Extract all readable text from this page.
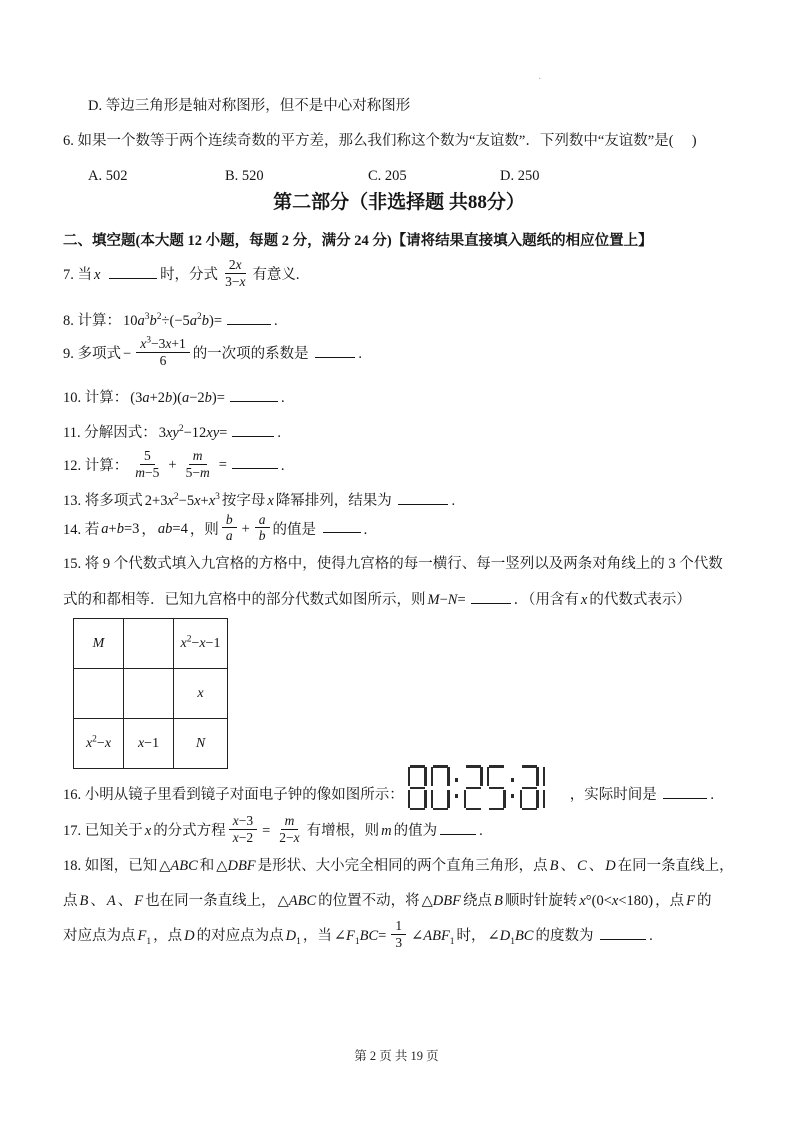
·
D. 等边三角形是轴对称图形，但不是中心对称图形
6. 如果一个数等于两个连续奇数的平方差，那么我们称这个数为“友谊数”．下列数中“友谊数”是(　 )
A. 502	B. 520	C. 205	D. 250
第二部分（非选择题 共88分）
二、填空题(本大题 12 小题，每题 2 分，满分 24 分)【请将结果直接填入题纸的相应位置上】
7. 当 x	时，分式 $\frac{2x}{3-x}$ 有意义.
8. 计算： $10a^3b^2\div(-5a^2b)=$	.
9. 多项式 − $\frac{x^3-3x+1}{6}$ 的一次项的系数是	.
10. 计算： (3a+2b)(a−2b)=	.
11. 分解因式： $3xy^2-12xy=$	.
12. 计算： $\frac{5}{m-5} + \frac{m}{5-m}$ =	.
13. 将多项式 $2+3x^2-5x+x^3$ 按字母 x 降幂排列，结果为	.
14. 若 a+b=3 ， ab=4 ，则 $\frac{b}{a} + \frac{a}{b}$ 的值是	.
15. 将 9 个代数式填入九宫格的方格中，使得九宫格的每一横行、每一竖列以及两条对角线上的 3 个代数
式的和都相等．已知九宫格中的部分代数式如图所示，则 M−N=	．（用含有 x 的代数式表示）
M		$x^2-x-1$
		x
$x^2-x$	x−1	N
16. 小明从镜子里看到镜子对面电子钟的像如图所示：	，实际时间是	.
17. 已知关于 x 的分式方程 $\frac{x-3}{x-2} = \frac{m}{2-x}$ 有增根，则 m 的值为	.
18. 如图，已知 △ABC 和 △DBF 是形状、大小完全相同的两个直角三角形，点 B 、 C 、 D 在同一条直线上，
点 B 、 A 、 F 也在同一条直线上， △ABC 的位置不动，将 △DBF 绕点 B 顺时针旋转 x°(0<x<180) ，点 F 的
对应点为点 $F_1$ ，点 D 的对应点为点 $D_1$ ，当 $\angle F_1BC= \frac{1}{3}$ $\angle ABF_1$ 时， $\angle D_1BC$ 的度数为	.
第 2 页 共 19 页
